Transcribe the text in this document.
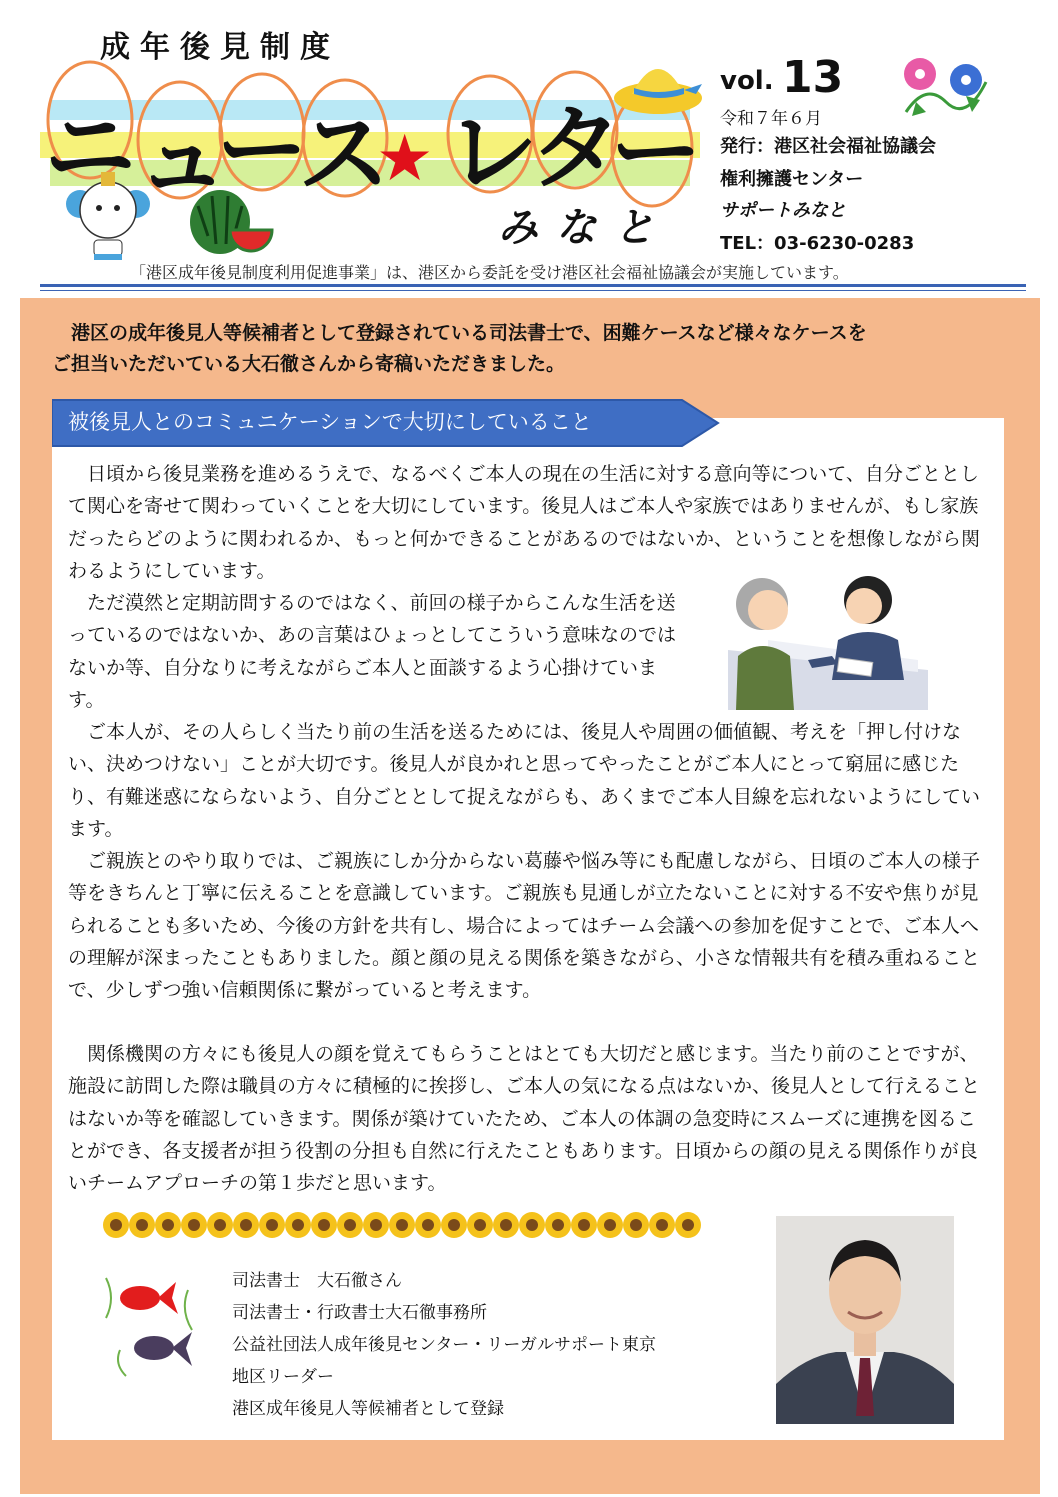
成年後見制度
ニ ュ
ー
ス
★ レ
タ
ー
みなと
vol. 13
令和７年６月
発行：港区社会福祉協議会
権利擁護センター
サポートみなと
TEL：03-6230-0283
「港区成年後見制度利用促進事業」は、港区から委託を受け港区社会福祉協議会が実施しています。
港区の成年後見人等候補者として登録されている司法書士で、困難ケースなど様々なケースを
ご担当いただいている大石徹さんから寄稿いただきました。
被後見人とのコミュニケーションで大切にしていること

日頃から後見業務を進めるうえで、なるべくご本人の現在の生活に対する意向等について、自分ごととして関心を寄せて関わっていくことを大切にしています。後見人はご本人や家族ではありませんが、もし家族だったらどのように関われるか、もっと何かできることがあるのではないか、ということを想像しながら関わるようにしています。

ただ漠然と定期訪問するのではなく、前回の様子からこんな生活を送っているのではないか、あの言葉はひょっとしてこういう意味なのではないか等、自分なりに考えながらご本人と面談するよう心掛けています。

ご本人が、その人らしく当たり前の生活を送るためには、後見人や周囲の価値観、考えを「押し付けない、決めつけない」ことが大切です。後見人が良かれと思ってやったことがご本人にとって窮屈に感じたり、有難迷惑にならないよう、自分ごととして捉えながらも、あくまでご本人目線を忘れないようにしています。

ご親族とのやり取りでは、ご親族にしか分からない葛藤や悩み等にも配慮しながら、日頃のご本人の様子等をきちんと丁寧に伝えることを意識しています。ご親族も見通しが立たないことに対する不安や焦りが見られることも多いため、今後の方針を共有し、場合によってはチーム会議への参加を促すことで、ご本人への理解が深まったこともありました。顔と顔の見える関係を築きながら、小さな情報共有を積み重ねることで、少しずつ強い信頼関係に繋がっていると考えます。

関係機関の方々にも後見人の顔を覚えてもらうことはとても大切だと感じます。当たり前のことですが、施設に訪問した際は職員の方々に積極的に挨拶し、ご本人の気になる点はないか、後見人として行えることはないか等を確認していきます。関係が築けていたため、ご本人の体調の急変時にスムーズに連携を図ることができ、各支援者が担う役割の分担も自然に行えたこともあります。日頃からの顔の見える関係作りが良いチームアプローチの第１歩だと思います。

司法書士　大石徹さん
司法書士・行政書士大石徹事務所
公益社団法人成年後見センター・リーガルサポート東京
地区リーダー
港区成年後見人等候補者として登録
